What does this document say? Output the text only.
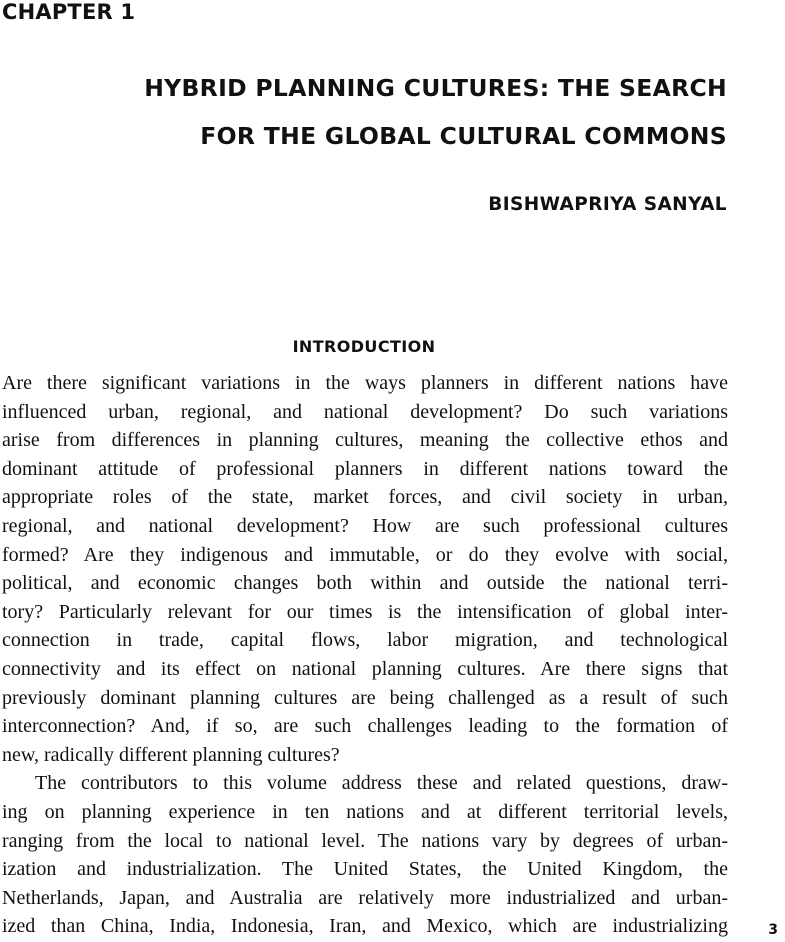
CHAPTER 1
HYBRID PLANNING CULTURES: THE SEARCH
FOR THE GLOBAL CULTURAL COMMONS
BISHWAPRIYA SANYAL
INTRODUCTION
Are there significant variations in the ways planners in different nations have
influenced urban, regional, and national development? Do such variations
arise from differences in planning cultures, meaning the collective ethos and
dominant attitude of professional planners in different nations toward the
appropriate roles of the state, market forces, and civil society in urban,
regional, and national development? How are such professional cultures
formed? Are they indigenous and immutable, or do they evolve with social,
political, and economic changes both within and outside the national terri-
tory? Particularly relevant for our times is the intensification of global inter-
connection in trade, capital flows, labor migration, and technological
connectivity and its effect on national planning cultures. Are there signs that
previously dominant planning cultures are being challenged as a result of such
interconnection? And, if so, are such challenges leading to the formation of
new, radically different planning cultures?
The contributors to this volume address these and related questions, draw-
ing on planning experience in ten nations and at different territorial levels,
ranging from the local to national level. The nations vary by degrees of urban-
ization and industrialization. The United States, the United Kingdom, the
Netherlands, Japan, and Australia are relatively more industrialized and urban-
ized than China, India, Indonesia, Iran, and Mexico, which are industrializing	3
